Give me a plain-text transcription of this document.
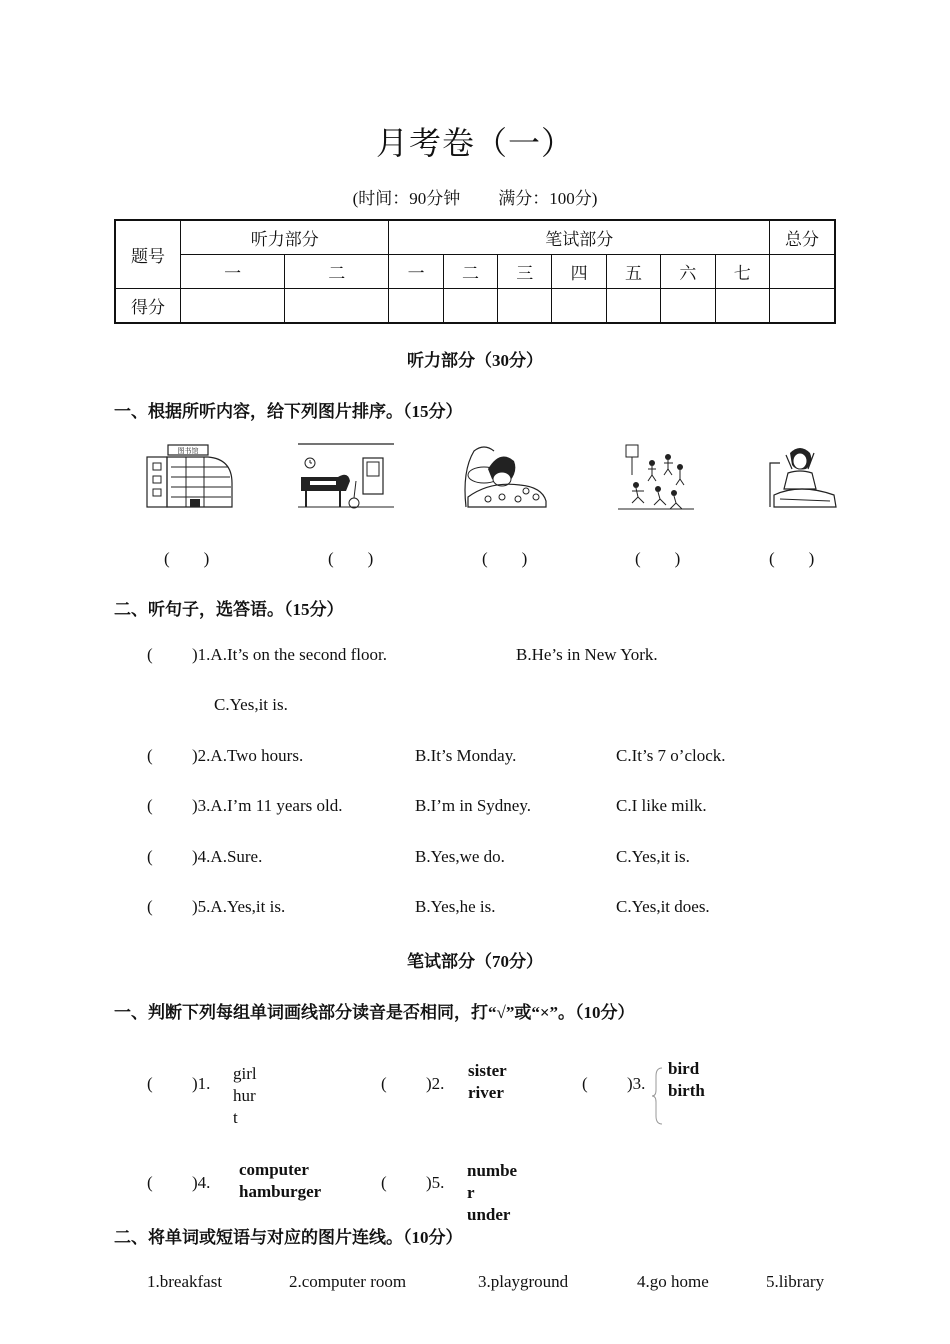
月考卷（一）
(时间：90分钟 满分：100分)
题号	听力部分		笔试部分							总分
	一	二	一	二	三	四	五	六	七	
得分										
听力部分（30分）
一、根据所听内容，给下列图片排序。（15分）
图书馆
(　　)	(　　)	(　　)	(　　)	(　　)
二、听句子，选答语。（15分）
( )1.A.It’s on the second floor.	B.He’s in New York.
C.Yes,it is.
( )2.A.Two hours.	B.It’s Monday.	C.It’s 7 o’clock.
( )3.A.I’m 11 years old.	B.I’m in Sydney.	C.I like milk.
( )4.A.Sure.	B.Yes,we do.	C.Yes,it is.
( )5.A.Yes,it is.	B.Yes,he is.	C.Yes,it does.
笔试部分（70分）
一、判断下列每组单词画线部分读音是否相同，打“√”或“×”。（10分）
( )1.
girl
hur
t
( )2.
sister
river	( )3.
bird
birth
( )4.
computer
hamburger	( )5.
numbe
r
under
二、将单词或短语与对应的图片连线。（10分）
1.breakfast	2.computer room	3.playground	4.go home	5.library
